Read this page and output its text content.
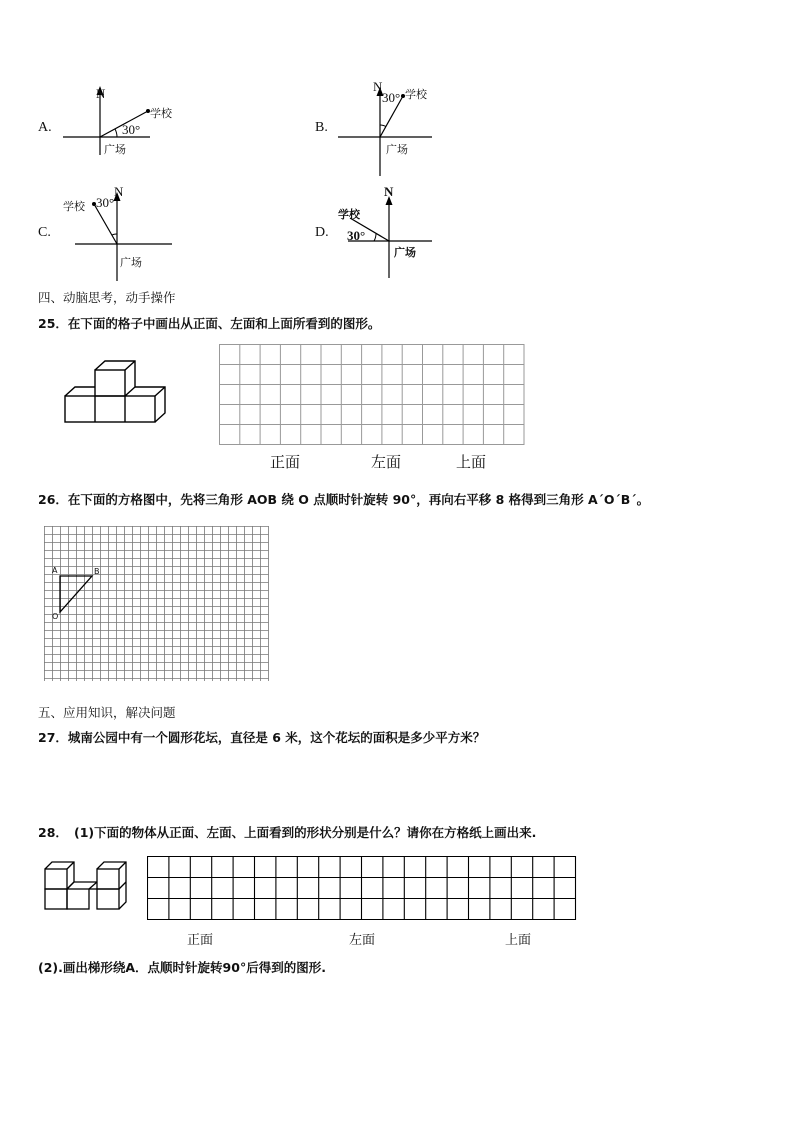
A.
N
学校
30°
广场
B.
N
30° 学校
广场
C.
N
学校 30°
广场
D.
N
学校
30°
广场
四、动脑思考，动手操作
25．在下面的格子中画出从正面、左面和上面所看到的图形。
正面	左面	上面
26．在下面的方格图中，先将三角形 AOB 绕 O 点顺时针旋转 90°，再向右平移 8 格得到三角形 A´O´B´。
A	B
O
五、应用知识，解决问题
27．城南公园中有一个圆形花坛，直径是 6 米，这个花坛的面积是多少平方米？
28． (1)下面的物体从正面、左面、上面看到的形状分别是什么？请你在方格纸上画出来.
正面	左面	上面
(2).画出梯形绕A．点顺时针旋转90°后得到的图形.
